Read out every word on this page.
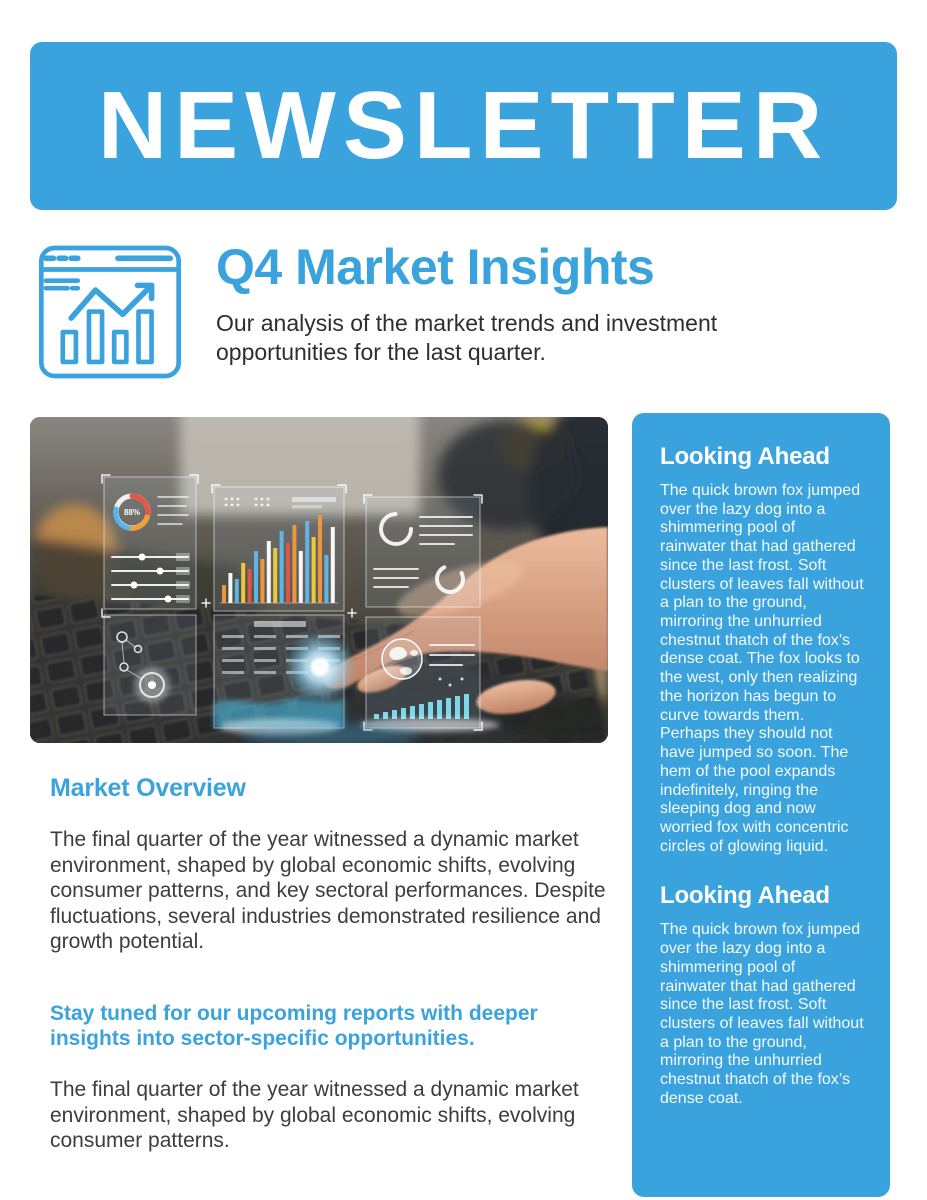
NEWSLETTER
Q4 Market Insights

Our analysis of the market trends and investment opportunities for the last quarter.

88%
Market Overview

The final quarter of the year witnessed a dynamic market environment, shaped by global economic shifts, evolving consumer patterns, and key sectoral performances. Despite fluctuations, several industries demonstrated resilience and growth potential.

Stay tuned for our upcoming reports with deeper insights into sector-specific opportunities.

The final quarter of the year witnessed a dynamic market environment, shaped by global economic shifts, evolving consumer patterns.

Looking Ahead

The quick brown fox jumped over the lazy dog into a shimmering pool of rainwater that had gathered since the last frost. Soft clusters of leaves fall without a plan to the ground, mirroring the unhurried chestnut thatch of the fox’s dense coat. The fox looks to the west, only then realizing the horizon has begun to curve towards them. Perhaps they should not have jumped so soon. The hem of the pool expands indefinitely, ringing the sleeping dog and now worried fox with concentric circles of glowing liquid.

Looking Ahead

The quick brown fox jumped over the lazy dog into a shimmering pool of rainwater that had gathered since the last frost. Soft clusters of leaves fall without a plan to the ground, mirroring the unhurried chestnut thatch of the fox’s dense coat.
